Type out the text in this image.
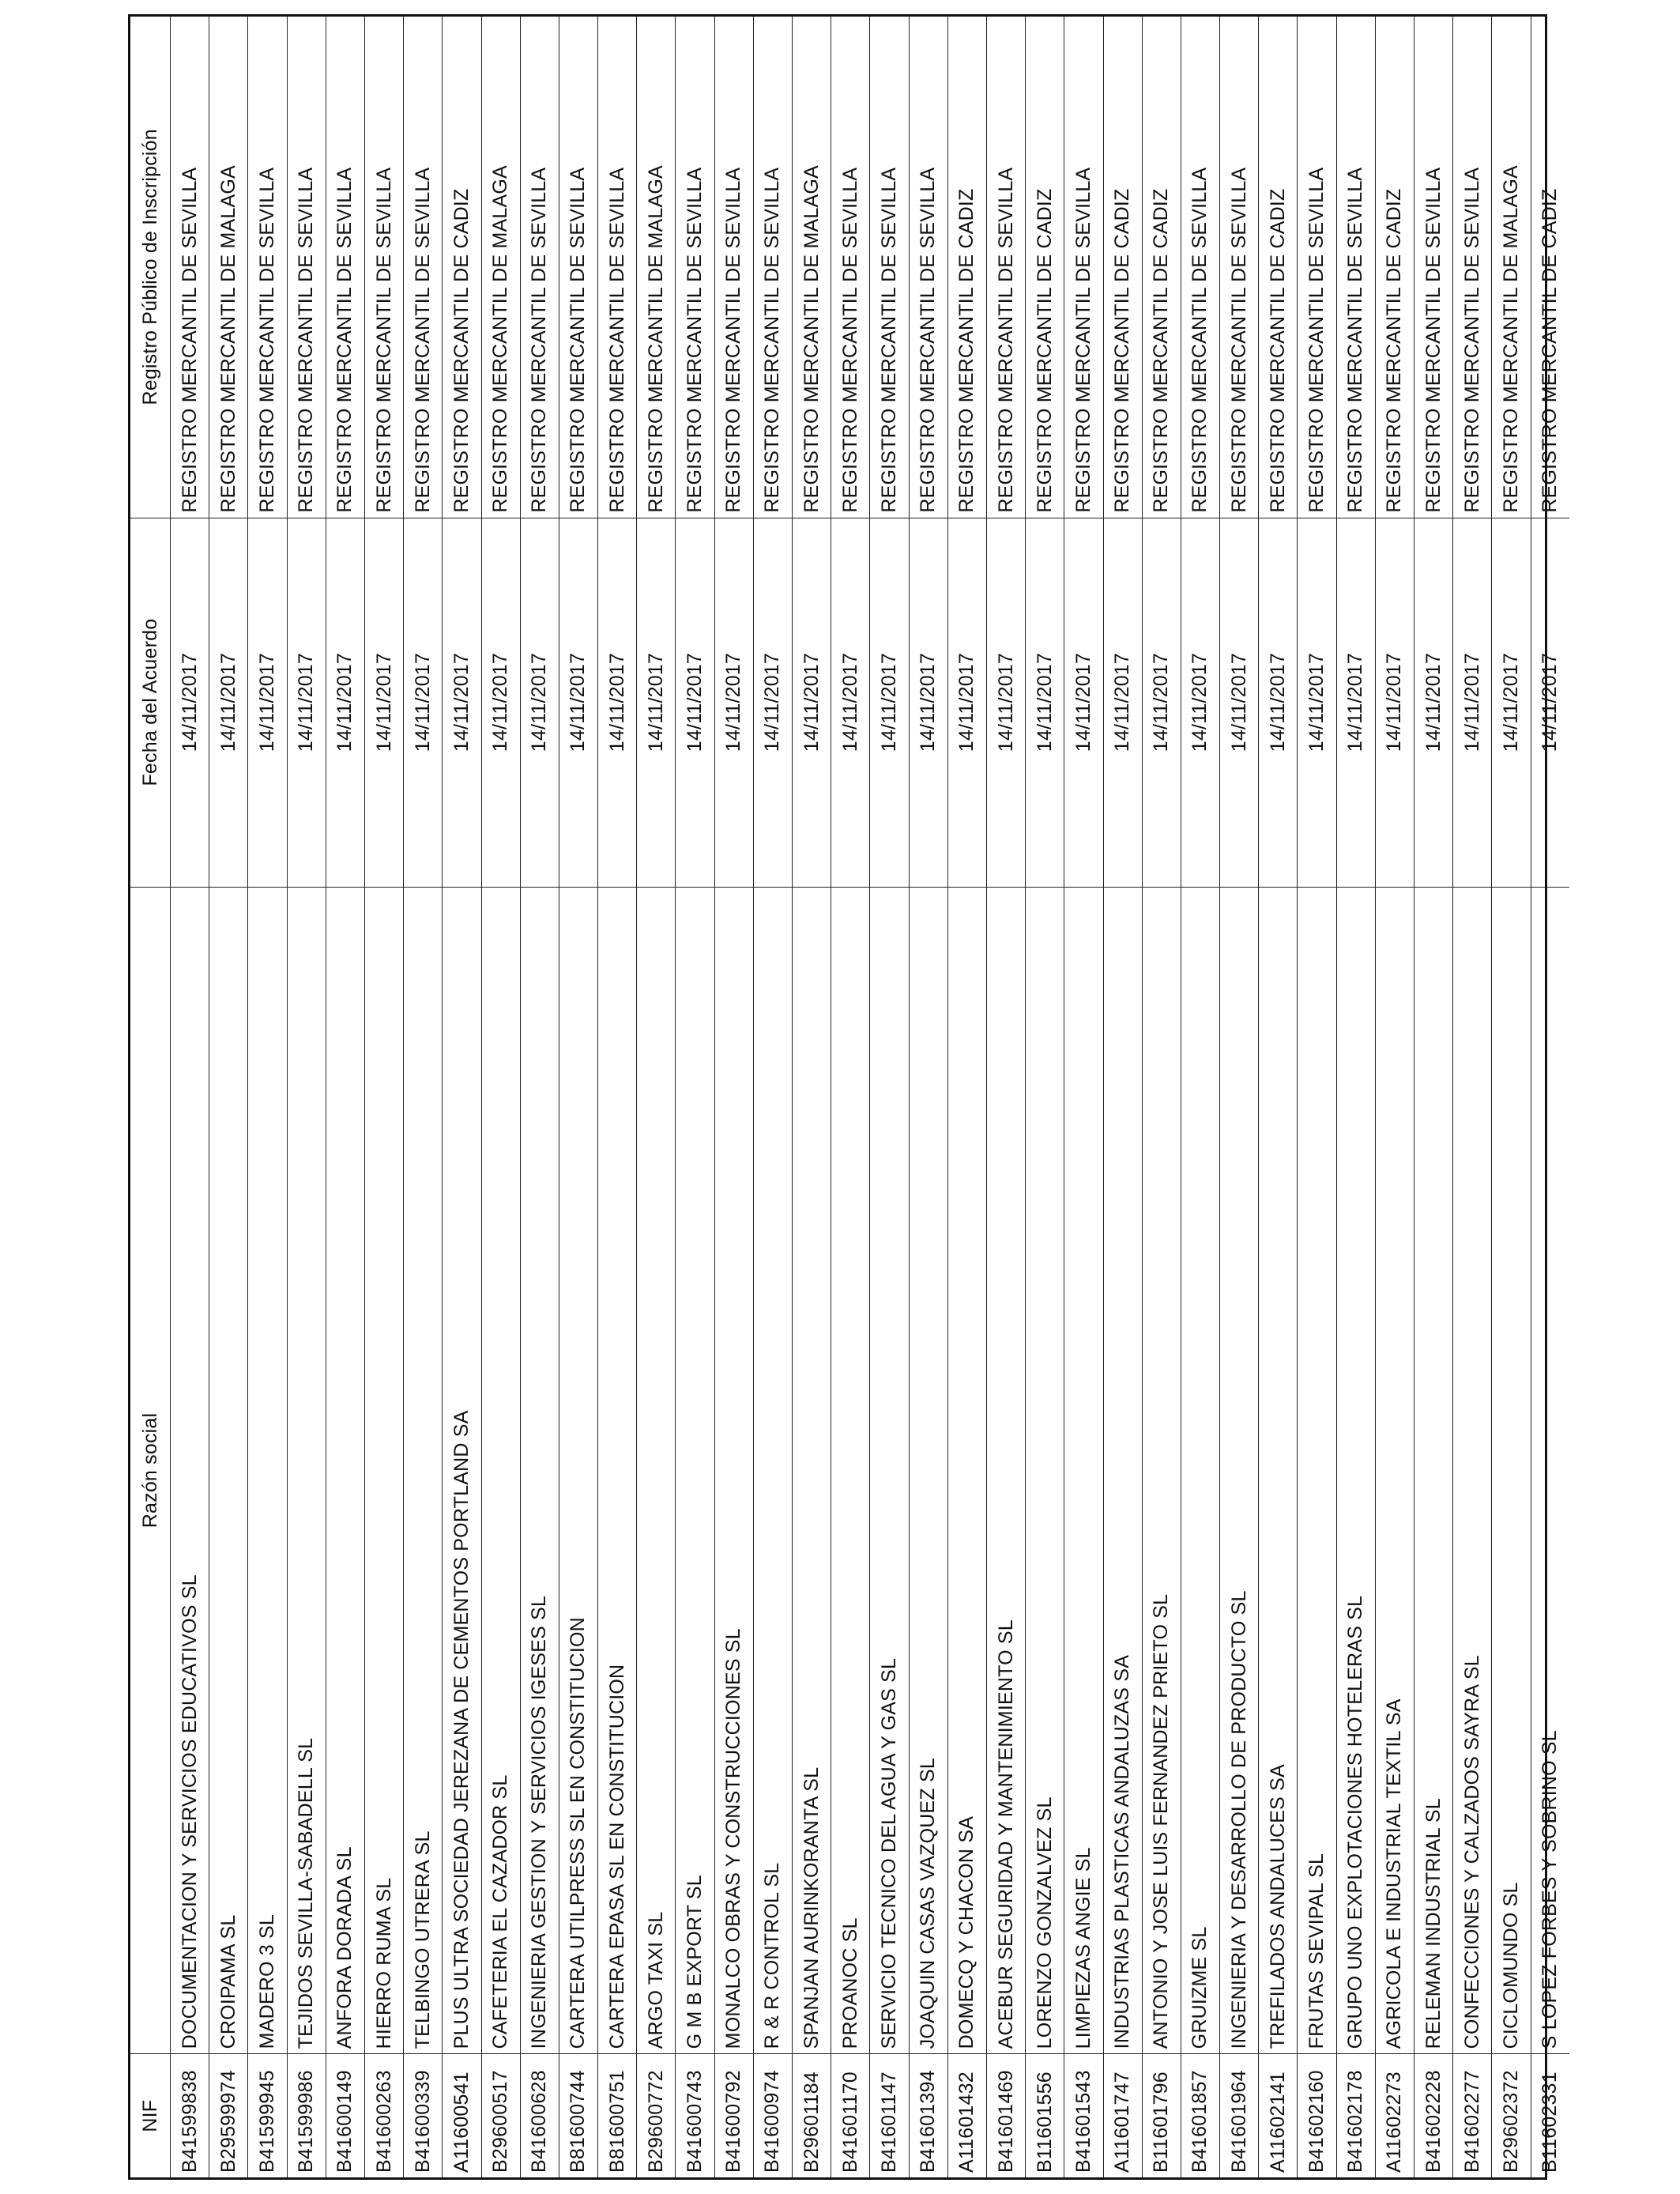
NIF
Razón social
Fecha del Acuerdo
Registro Público de Inscripción
B41599838
DOCUMENTACION Y SERVICIOS EDUCATIVOS SL
14/11/2017
REGISTRO MERCANTIL DE SEVILLA
B29599974
CROIPAMA SL
14/11/2017
REGISTRO MERCANTIL DE MALAGA
B41599945
MADERO 3 SL
14/11/2017
REGISTRO MERCANTIL DE SEVILLA
B41599986
TEJIDOS SEVILLA-SABADELL SL
14/11/2017
REGISTRO MERCANTIL DE SEVILLA
B41600149
ANFORA DORADA SL
14/11/2017
REGISTRO MERCANTIL DE SEVILLA
B41600263
HIERRO RUMA SL
14/11/2017
REGISTRO MERCANTIL DE SEVILLA
B41600339
TELBINGO UTRERA SL
14/11/2017
REGISTRO MERCANTIL DE SEVILLA
A11600541
PLUS ULTRA SOCIEDAD JEREZANA DE CEMENTOS PORTLAND SA
14/11/2017
REGISTRO MERCANTIL DE CADIZ
B29600517
CAFETERIA EL CAZADOR SL
14/11/2017
REGISTRO MERCANTIL DE MALAGA
B41600628
INGENIERIA GESTION Y SERVICIOS IGESES SL
14/11/2017
REGISTRO MERCANTIL DE SEVILLA
B81600744
CARTERA UTILPRESS SL EN CONSTITUCION
14/11/2017
REGISTRO MERCANTIL DE SEVILLA
B81600751
CARTERA EPASA SL EN CONSTITUCION
14/11/2017
REGISTRO MERCANTIL DE SEVILLA
B29600772
ARGO TAXI SL
14/11/2017
REGISTRO MERCANTIL DE MALAGA
B41600743
G M B EXPORT SL
14/11/2017
REGISTRO MERCANTIL DE SEVILLA
B41600792
MONALCO OBRAS Y CONSTRUCCIONES SL
14/11/2017
REGISTRO MERCANTIL DE SEVILLA
B41600974
R & R CONTROL SL
14/11/2017
REGISTRO MERCANTIL DE SEVILLA
B29601184
SPANJAN AURINKORANTA SL
14/11/2017
REGISTRO MERCANTIL DE MALAGA
B41601170
PROANOC SL
14/11/2017
REGISTRO MERCANTIL DE SEVILLA
B41601147
SERVICIO TECNICO DEL AGUA Y GAS SL
14/11/2017
REGISTRO MERCANTIL DE SEVILLA
B41601394
JOAQUIN CASAS VAZQUEZ SL
14/11/2017
REGISTRO MERCANTIL DE SEVILLA
A11601432
DOMECQ Y CHACON SA
14/11/2017
REGISTRO MERCANTIL DE CADIZ
B41601469
ACEBUR SEGURIDAD Y MANTENIMIENTO SL
14/11/2017
REGISTRO MERCANTIL DE SEVILLA
B11601556
LORENZO GONZALVEZ SL
14/11/2017
REGISTRO MERCANTIL DE CADIZ
B41601543
LIMPIEZAS ANGIE SL
14/11/2017
REGISTRO MERCANTIL DE SEVILLA
A11601747
INDUSTRIAS PLASTICAS ANDALUZAS SA
14/11/2017
REGISTRO MERCANTIL DE CADIZ
B11601796
ANTONIO Y JOSE LUIS FERNANDEZ PRIETO SL
14/11/2017
REGISTRO MERCANTIL DE CADIZ
B41601857
GRUIZME SL
14/11/2017
REGISTRO MERCANTIL DE SEVILLA
B41601964
INGENIERIA Y DESARROLLO DE PRODUCTO SL
14/11/2017
REGISTRO MERCANTIL DE SEVILLA
A11602141
TREFILADOS ANDALUCES SA
14/11/2017
REGISTRO MERCANTIL DE CADIZ
B41602160
FRUTAS SEVIPAL SL
14/11/2017
REGISTRO MERCANTIL DE SEVILLA
B41602178
GRUPO UNO EXPLOTACIONES HOTELERAS SL
14/11/2017
REGISTRO MERCANTIL DE SEVILLA
A11602273
AGRICOLA E INDUSTRIAL TEXTIL SA
14/11/2017
REGISTRO MERCANTIL DE CADIZ
B41602228
RELEMAN INDUSTRIAL SL
14/11/2017
REGISTRO MERCANTIL DE SEVILLA
B41602277
CONFECCIONES Y CALZADOS SAYRA SL
14/11/2017
REGISTRO MERCANTIL DE SEVILLA
B29602372
CICLOMUNDO SL
14/11/2017
REGISTRO MERCANTIL DE MALAGA
B11602331
S LOPEZ FORBES Y SOBRINO SL
14/11/2017
REGISTRO MERCANTIL DE CADIZ
